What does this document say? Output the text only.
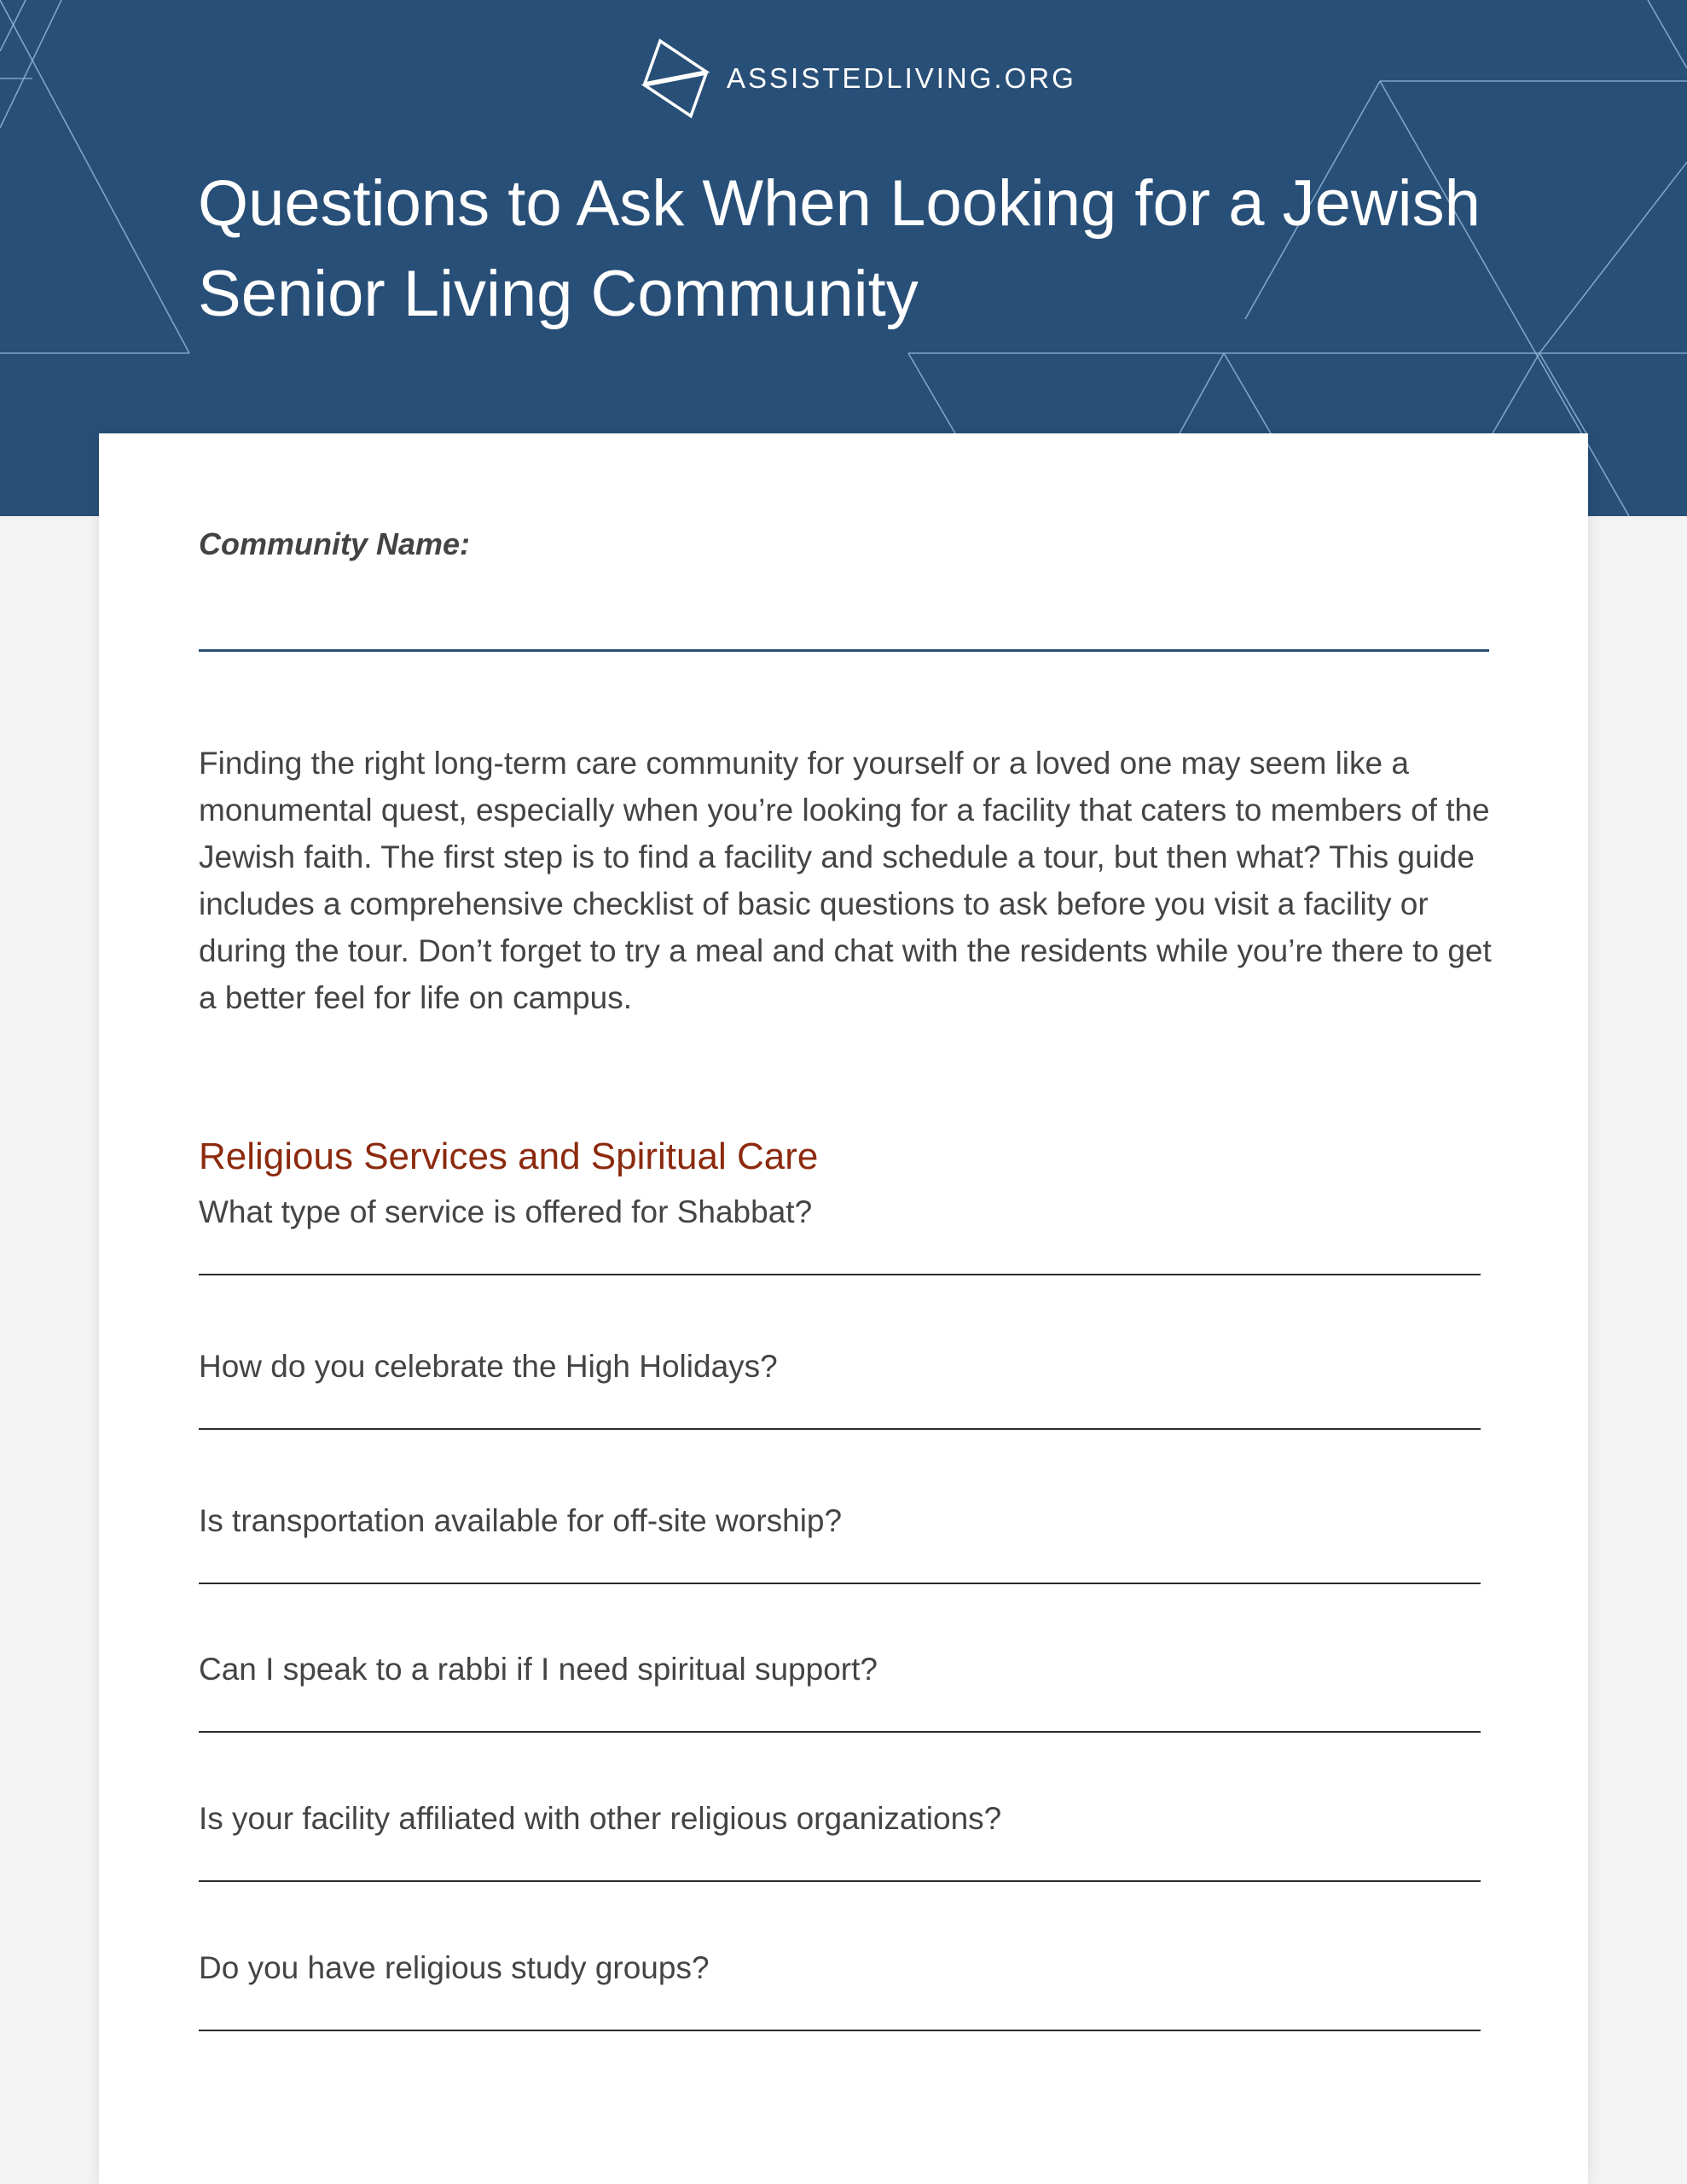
ASSISTEDLIVING.ORG
Questions to Ask When Looking for a Jewish Senior Living Community
Community Name:

Finding the right long-term care community for yourself or a loved one may seem like a monumental quest, especially when you’re looking for a facility that caters to members of the Jewish faith. The first step is to find a facility and schedule a tour, but then what? This guide includes a comprehensive checklist of basic questions to ask before you visit a facility or during the tour. Don’t forget to try a meal and chat with the residents while you’re there to get a better feel for life on campus.

Religious Services and Spiritual Care
What type of service is offered for Shabbat?
How do you celebrate the High Holidays?
Is transportation available for off-site worship?
Can I speak to a rabbi if I need spiritual support?
Is your facility affiliated with other religious organizations?
Do you have religious study groups?
